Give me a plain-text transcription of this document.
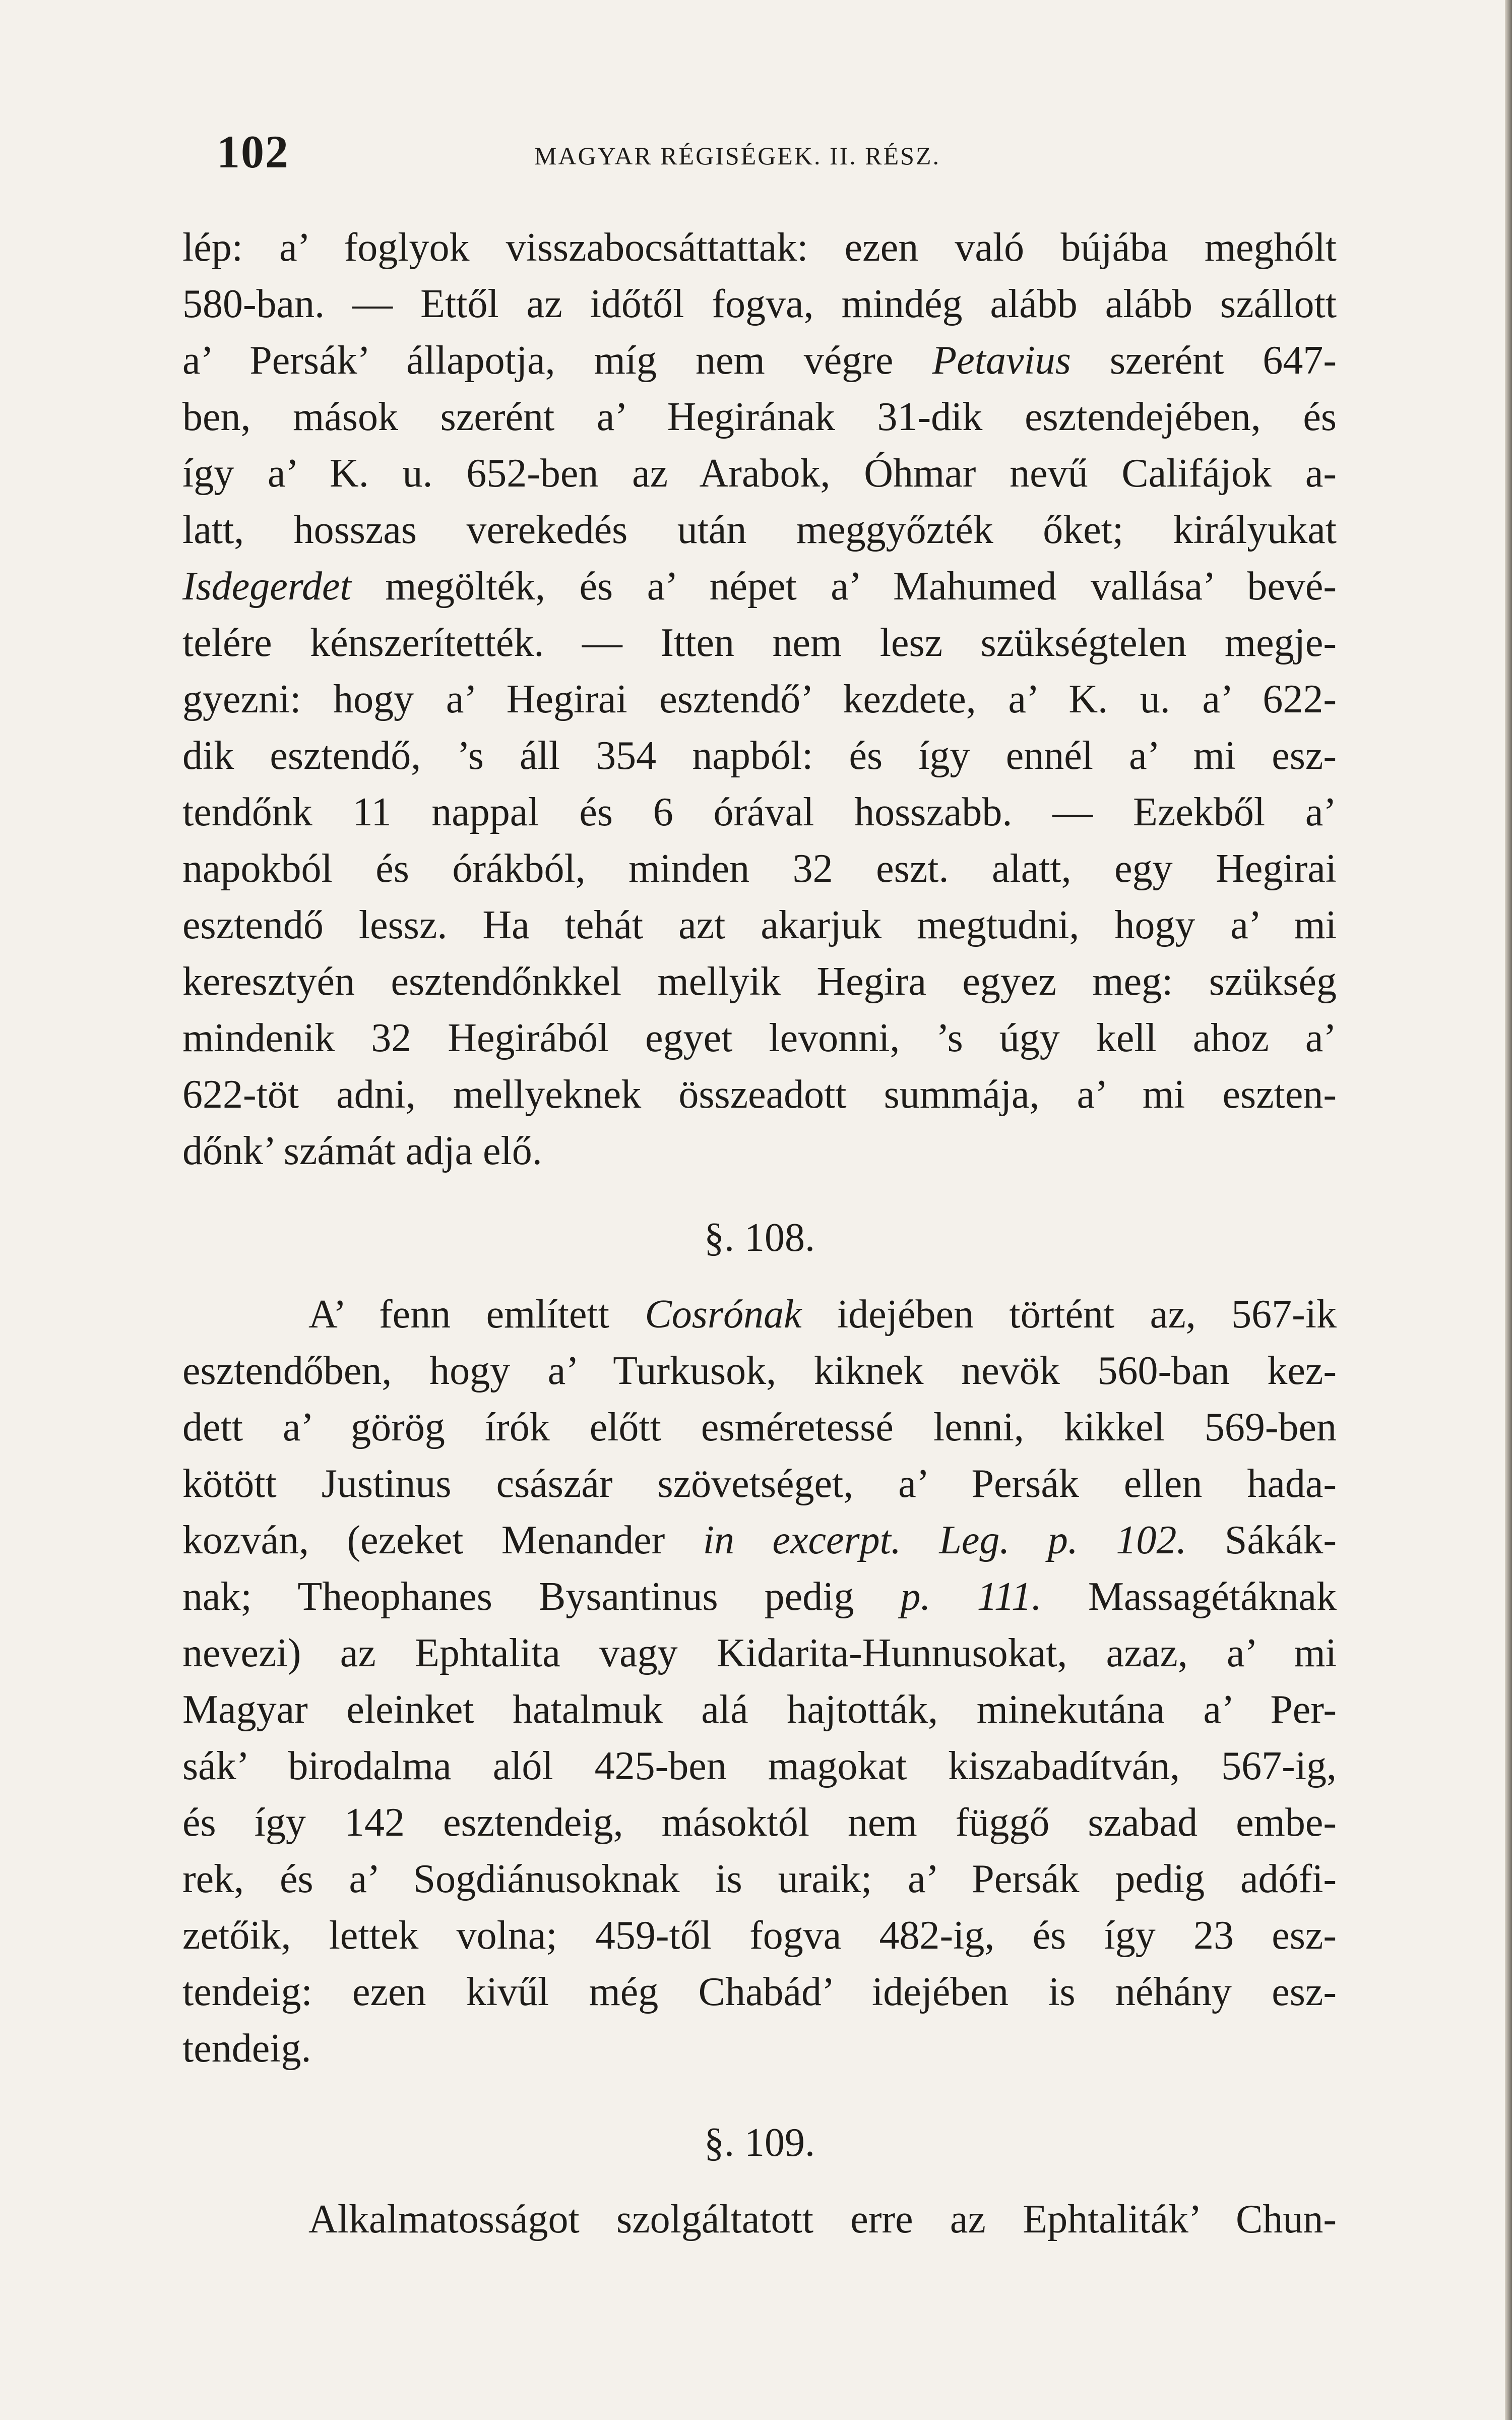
102	MAGYAR RÉGISÉGEK. II. RÉSZ.
lép: a’ foglyok visszabocsáttattak: ezen való bújába meghólt
580-ban. — Ettől az időtől fogva, mindég alább alább szállott
a’ Persák’ állapotja, míg nem végre Petavius szerént 647-
ben, mások szerént a’ Hegirának 31-dik esztendejében, és
így a’ K. u. 652-ben az Arabok, Óhmar nevű Califájok a-
latt, hosszas verekedés után meggyőzték őket; királyukat
Isdegerdet megölték, és a’ népet a’ Mahumed vallása’ bevé-
telére kénszerítették. — Itten nem lesz szükségtelen megje-
gyezni: hogy a’ Hegirai esztendő’ kezdete, a’ K. u. a’ 622-
dik esztendő, ’s áll 354 napból: és így ennél a’ mi esz-
tendőnk 11 nappal és 6 órával hosszabb. — Ezekből a’
napokból és órákból, minden 32 eszt. alatt, egy Hegirai
esztendő lessz. Ha tehát azt akarjuk megtudni, hogy a’ mi
keresztyén esztendőnkkel mellyik Hegira egyez meg: szükség
mindenik 32 Hegirából egyet levonni, ’s úgy kell ahoz a’
622-töt adni, mellyeknek összeadott summája, a’ mi eszten-
dőnk’ számát adja elő.
§. 108.
A’ fenn említett Cosrónak idejében történt az, 567-ik
esztendőben, hogy a’ Turkusok, kiknek nevök 560-ban kez-
dett a’ görög írók előtt esméretessé lenni, kikkel 569-ben
kötött Justinus császár szövetséget, a’ Persák ellen hada-
kozván, (ezeket Menander in excerpt. Leg. p. 102. Sákák-
nak; Theophanes Bysantinus pedig p. 111. Massagétáknak
nevezi) az Ephtalita vagy Kidarita-Hunnusokat, azaz, a’ mi
Magyar eleinket hatalmuk alá hajtották, minekutána a’ Per-
sák’ birodalma alól 425-ben magokat kiszabadítván, 567-ig,
és így 142 esztendeig, másoktól nem függő szabad embe-
rek, és a’ Sogdiánusoknak is uraik; a’ Persák pedig adófi-
zetőik, lettek volna; 459-től fogva 482-ig, és így 23 esz-
tendeig: ezen kivűl még Chabád’ idejében is néhány esz-
tendeig.
§. 109.
Alkalmatosságot szolgáltatott erre az Ephtaliták’ Chun-
